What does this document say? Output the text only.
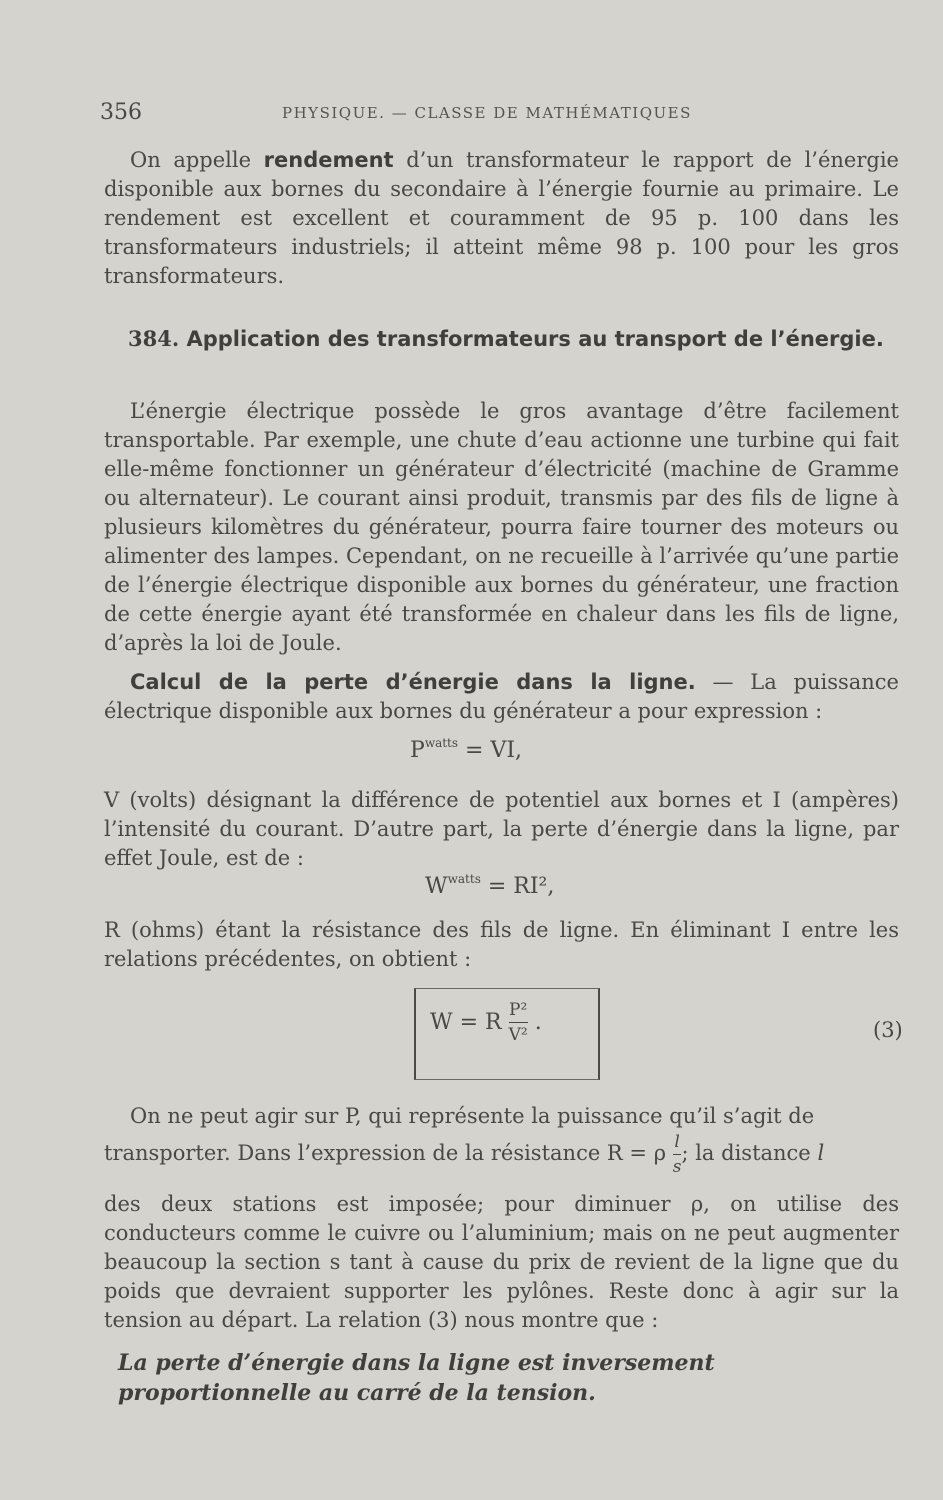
356	PHYSIQUE. — CLASSE DE MATHÉMATIQUES
On appelle rendement d’un transformateur le rapport de l’énergie disponible aux bornes du secondaire à l’énergie fournie au primaire. Le rendement est excellent et couramment de 95 p. 100 dans les transformateurs industriels; il atteint même 98 p. 100 pour les gros transformateurs.
384. Application des transformateurs au transport de l’énergie.
L’énergie électrique possède le gros avantage d’être facilement transportable. Par exemple, une chute d’eau actionne une turbine qui fait elle-même fonctionner un générateur d’électricité (machine de Gramme ou alternateur). Le courant ainsi produit, transmis par des fils de ligne à plusieurs kilomètres du générateur, pourra faire tourner des moteurs ou alimenter des lampes. Cependant, on ne recueille à l’arrivée qu’une partie de l’énergie électrique disponible aux bornes du générateur, une fraction de cette énergie ayant été transformée en chaleur dans les fils de ligne, d’après la loi de Joule.
Calcul de la perte d’énergie dans la ligne. — La puissance électrique disponible aux bornes du générateur a pour expression :
$P^{watts}$ = VI,
V (volts) désignant la différence de potentiel aux bornes et I (ampères) l’intensité du courant. D’autre part, la perte d’énergie dans la ligne, par effet Joule, est de :
$W^{watts} = RI^2$,
R (ohms) étant la résistance des fils de ligne. En éliminant I entre les relations précédentes, on obtient :
W = R $\frac{\text{P²}}{\text{V²}}$ .	(3)
On ne peut agir sur P, qui représente la puissance qu’il s’agit de
transporter. Dans l’expression de la résistance R = ρ $\frac{l}{s}$ ; la distance l
des deux stations est imposée; pour diminuer ρ, on utilise des conducteurs comme le cuivre ou l’aluminium; mais on ne peut augmenter beaucoup la section s tant à cause du prix de revient de la ligne que du poids que devraient supporter les pylônes. Reste donc à agir sur la tension au départ. La relation (3) nous montre que :
La perte d’énergie dans la ligne est inversement proportionnelle au carré de la tension.
